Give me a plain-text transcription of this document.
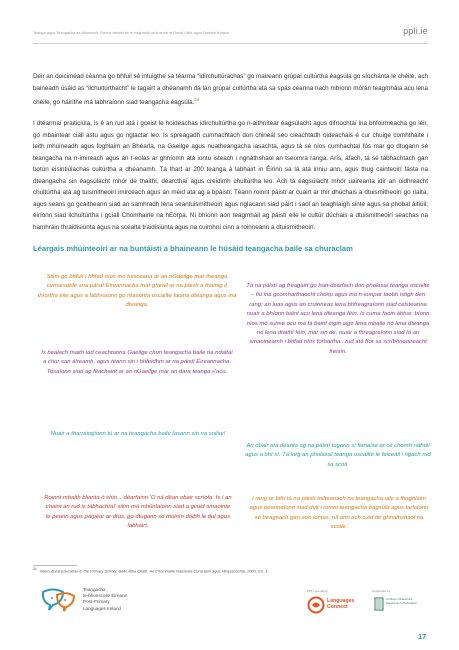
Teanga agus Teangacha sa bhunscoil: Roinnt treoirlínte le haghaidh múinteoirí le David Little agus Deirdre Kirwan	ppli.ie

Deir an doiciméad céanna go bhfuil sé intuigthe sa téarma “idirchultúrachas” go maireann grúpaí cultúrtha éagsúla go síochánta le chéile, ach baineadh úsáid as “ilchultúrthacht” le tagairt a dhéanamh dá lán grúpaí cultúrtha atá sa spás céanna nach mbíonn mórán teagmhála acu lena chéile, go háirithe má labhraíonn siad teangacha éagsúla.$^{24}$

I dtéarmaí praiticiúla, is é an rud atá i gceist le hoideachas idirchultúrtha go n-aithnítear éagsúlacht agus difríochtaí ina bhfoirmeacha go léir, go mbaintear ciall astu agus go nglactar leo. Is spreagadh cumhachtach don chineál seo cleachtadh oideachais é cur chuige comhtháite i leith mhúineadh agus foghlaim an Bhéarla, na Gaeilge agus nuatheangacha iasachta, agus tá sé níos cumhachtaí fós mar go dtugann sé teangacha na n-imireach agus an t-eolas ar ghníomh atá iontu isteach i ngnáthshaol an tseomra ranga. Arís, áfach, tá sé tábhachtach gan botún eisintiúlachas cultúrtha a dhéanamh. Tá thart ar 200 teanga á labhairt in Éirinn sa lá atá inniu ann, agus thug cainteoirí fásta na dteangacha sin éagsúlacht mhór de thaithí, dearcthaí agus creidimh chultúrtha leo. Ach tá éagsúlacht mhór uaireanta idir an oidhreacht chultúrtha atá ag tuismitheoirí imirceach agus an méid atá ag a bpáistí. Téann roinnt páistí ar cuairt ar thír dhúchais a dtuismitheoirí go rialta, agus seans go gcaitheann siad an samhradh lena seantuismitheoirí agus nglacann siad páirt i saol an teaghlaigh sinte agus sa phobal áitiúil; éiríonn siad ilchultúrtha i gcíall Chomhairle na hEorpa. Ní bhíonn aon teagmháil ag páistí eile le cultúr dúchais a dtuismitheoirí seachas na hamhráin thraidisiúnta agus na scéalta traidisiúnta agus na cuimhní cinn a roinneann a dtuismitheoirí.

Léargais mhúinteoirí ar na buntáistí a bhaineann le húsáid teangacha baile sa churaclam

Silim go bhfuil í bhfad níos mó tuisceana ar an nGaeilge mar theanga cumarsáide sna páistí Éireannacha mar gheall ar na páistí a tháinig ó thíortha eile agus a labhraíonn go réasúnta oscailte faoina dteanga agus ina dteanga.

Is bealach maith iad ceachtanna Gaeilge chun teangacha baile na ndaltaí a chur san áireamh, agus téann sin i bhfeidhm ar na páistí Éireannacha. Tosaíonn siad ag féachaint ar an nGaeilge mar an dara teanga s'acu.

Nuair a tharraingíonn tú ar na teangacha baile lasann sin na soilse!

Roinnt mhaith blianta ó shin... déarfainn 'O ná déan obair scríofa. Is í an chaint an rud is tábhachtaí' silim má mhúnlaíonn siad a gcuid smaointe le peann agus páipéar ar dtús, go dtugann sé múinín dóibh le dul agus labhairt.

Tá na páistí ag freagairt go han-dearfach don pholasaí teanga oscailte – fiú ina gcomharthaocht choirp agus ina n-iompar taobh istigh den rang; an luas agus an cruinneas lena bhfreagraíonn siad ceisteanna nuair a bhíonn baint acu lena dteanga féin. Is cuma faoin ábhar, bíonn níos mó suime ocu má tá baint éigin aige lena mbaile nó lena dteanga nó lena dtaithí féin; mar sin de, nuair a fhreagraíonn siad tá an smaoineamh i bhfad níos forbartha...rud atá fíor sa scríbhneoireacht freisin.

An obair atá déanta ag na páistí tugann sí fianaise ar cé chomh ráthúil agus a bhí sí. Tá lorg an pholasaí teanga oscailte le feiceáil i ngach rud sa scoil.

I rang ar bith tá na páistí toilteanach na teangacha uile a fhoghlaim agus beannaíonn siad duit i roinnt teangacha éagsúla agus tarlaíonn sé beagnach gan aon iontas, níl ann ach cuid de ghnáthshaol na scoile.

$^{24}$ Intercultural Education in the Primary School, Baile Átha Cliath: An Chomhairle Náisiúnta Curaclaim agus Measúnachta, 2005, lch. 3.

Teangacha
le-bhunscoile Éireann
Post-Primary
Languages Ireland
PPLI operating
Languages
Connect
Supported by
An Roinn Oideachais
Department of Education
17
